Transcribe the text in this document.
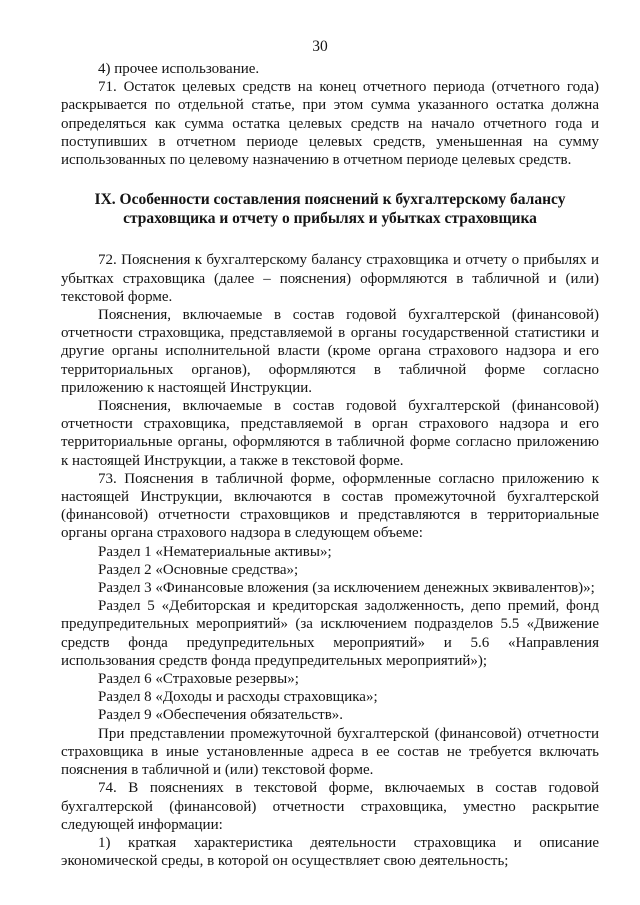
30

4) прочее использование.

71. Остаток целевых средств на конец отчетного периода (отчетного года) раскрывается по отдельной статье, при этом сумма указанного остатка должна определяться как сумма остатка целевых средств на начало отчетного года и поступивших в отчетном периоде целевых средств, уменьшенная на сумму использованных по целевому назначению в отчетном периоде целевых средств.

IX. Особенности составления пояснений к бухгалтерскому балансу
страховщика и отчету о прибылях и убытках страховщика

72. Пояснения к бухгалтерскому балансу страховщика и отчету о прибылях и убытках страховщика (далее – пояснения) оформляются в табличной и (или) текстовой форме.

Пояснения, включаемые в состав годовой бухгалтерской (финансовой) отчетности страховщика, представляемой в органы государственной статистики и другие органы исполнительной власти (кроме органа страхового надзора и его территориальных органов), оформляются в табличной форме согласно приложению к настоящей Инструкции.

Пояснения, включаемые в состав годовой бухгалтерской (финансовой) отчетности страховщика, представляемой в орган страхового надзора и его территориальные органы, оформляются в табличной форме согласно приложению к настоящей Инструкции, а также в текстовой форме.

73. Пояснения в табличной форме, оформленные согласно приложению к настоящей Инструкции, включаются в состав промежуточной бухгалтерской (финансовой) отчетности страховщиков и представляются в территориальные органы органа страхового надзора в следующем объеме:

Раздел 1 «Нематериальные активы»;

Раздел 2 «Основные средства»;

Раздел 3 «Финансовые вложения (за исключением денежных эквивалентов)»;

Раздел 5 «Дебиторская и кредиторская задолженность, депо премий, фонд предупредительных мероприятий» (за исключением подразделов 5.5 «Движение средств фонда предупредительных мероприятий» и 5.6 «Направления использования средств фонда предупредительных мероприятий»);

Раздел 6 «Страховые резервы»;

Раздел 8 «Доходы и расходы страховщика»;

Раздел 9 «Обеспечения обязательств».

При представлении промежуточной бухгалтерской (финансовой) отчетности страховщика в иные установленные адреса в ее состав не требуется включать пояснения в табличной и (или) текстовой форме.

74. В пояснениях в текстовой форме, включаемых в состав годовой бухгалтерской (финансовой) отчетности страховщика, уместно раскрытие следующей информации:

1) краткая характеристика деятельности страховщика и описание экономической среды, в которой он осуществляет свою деятельность;
